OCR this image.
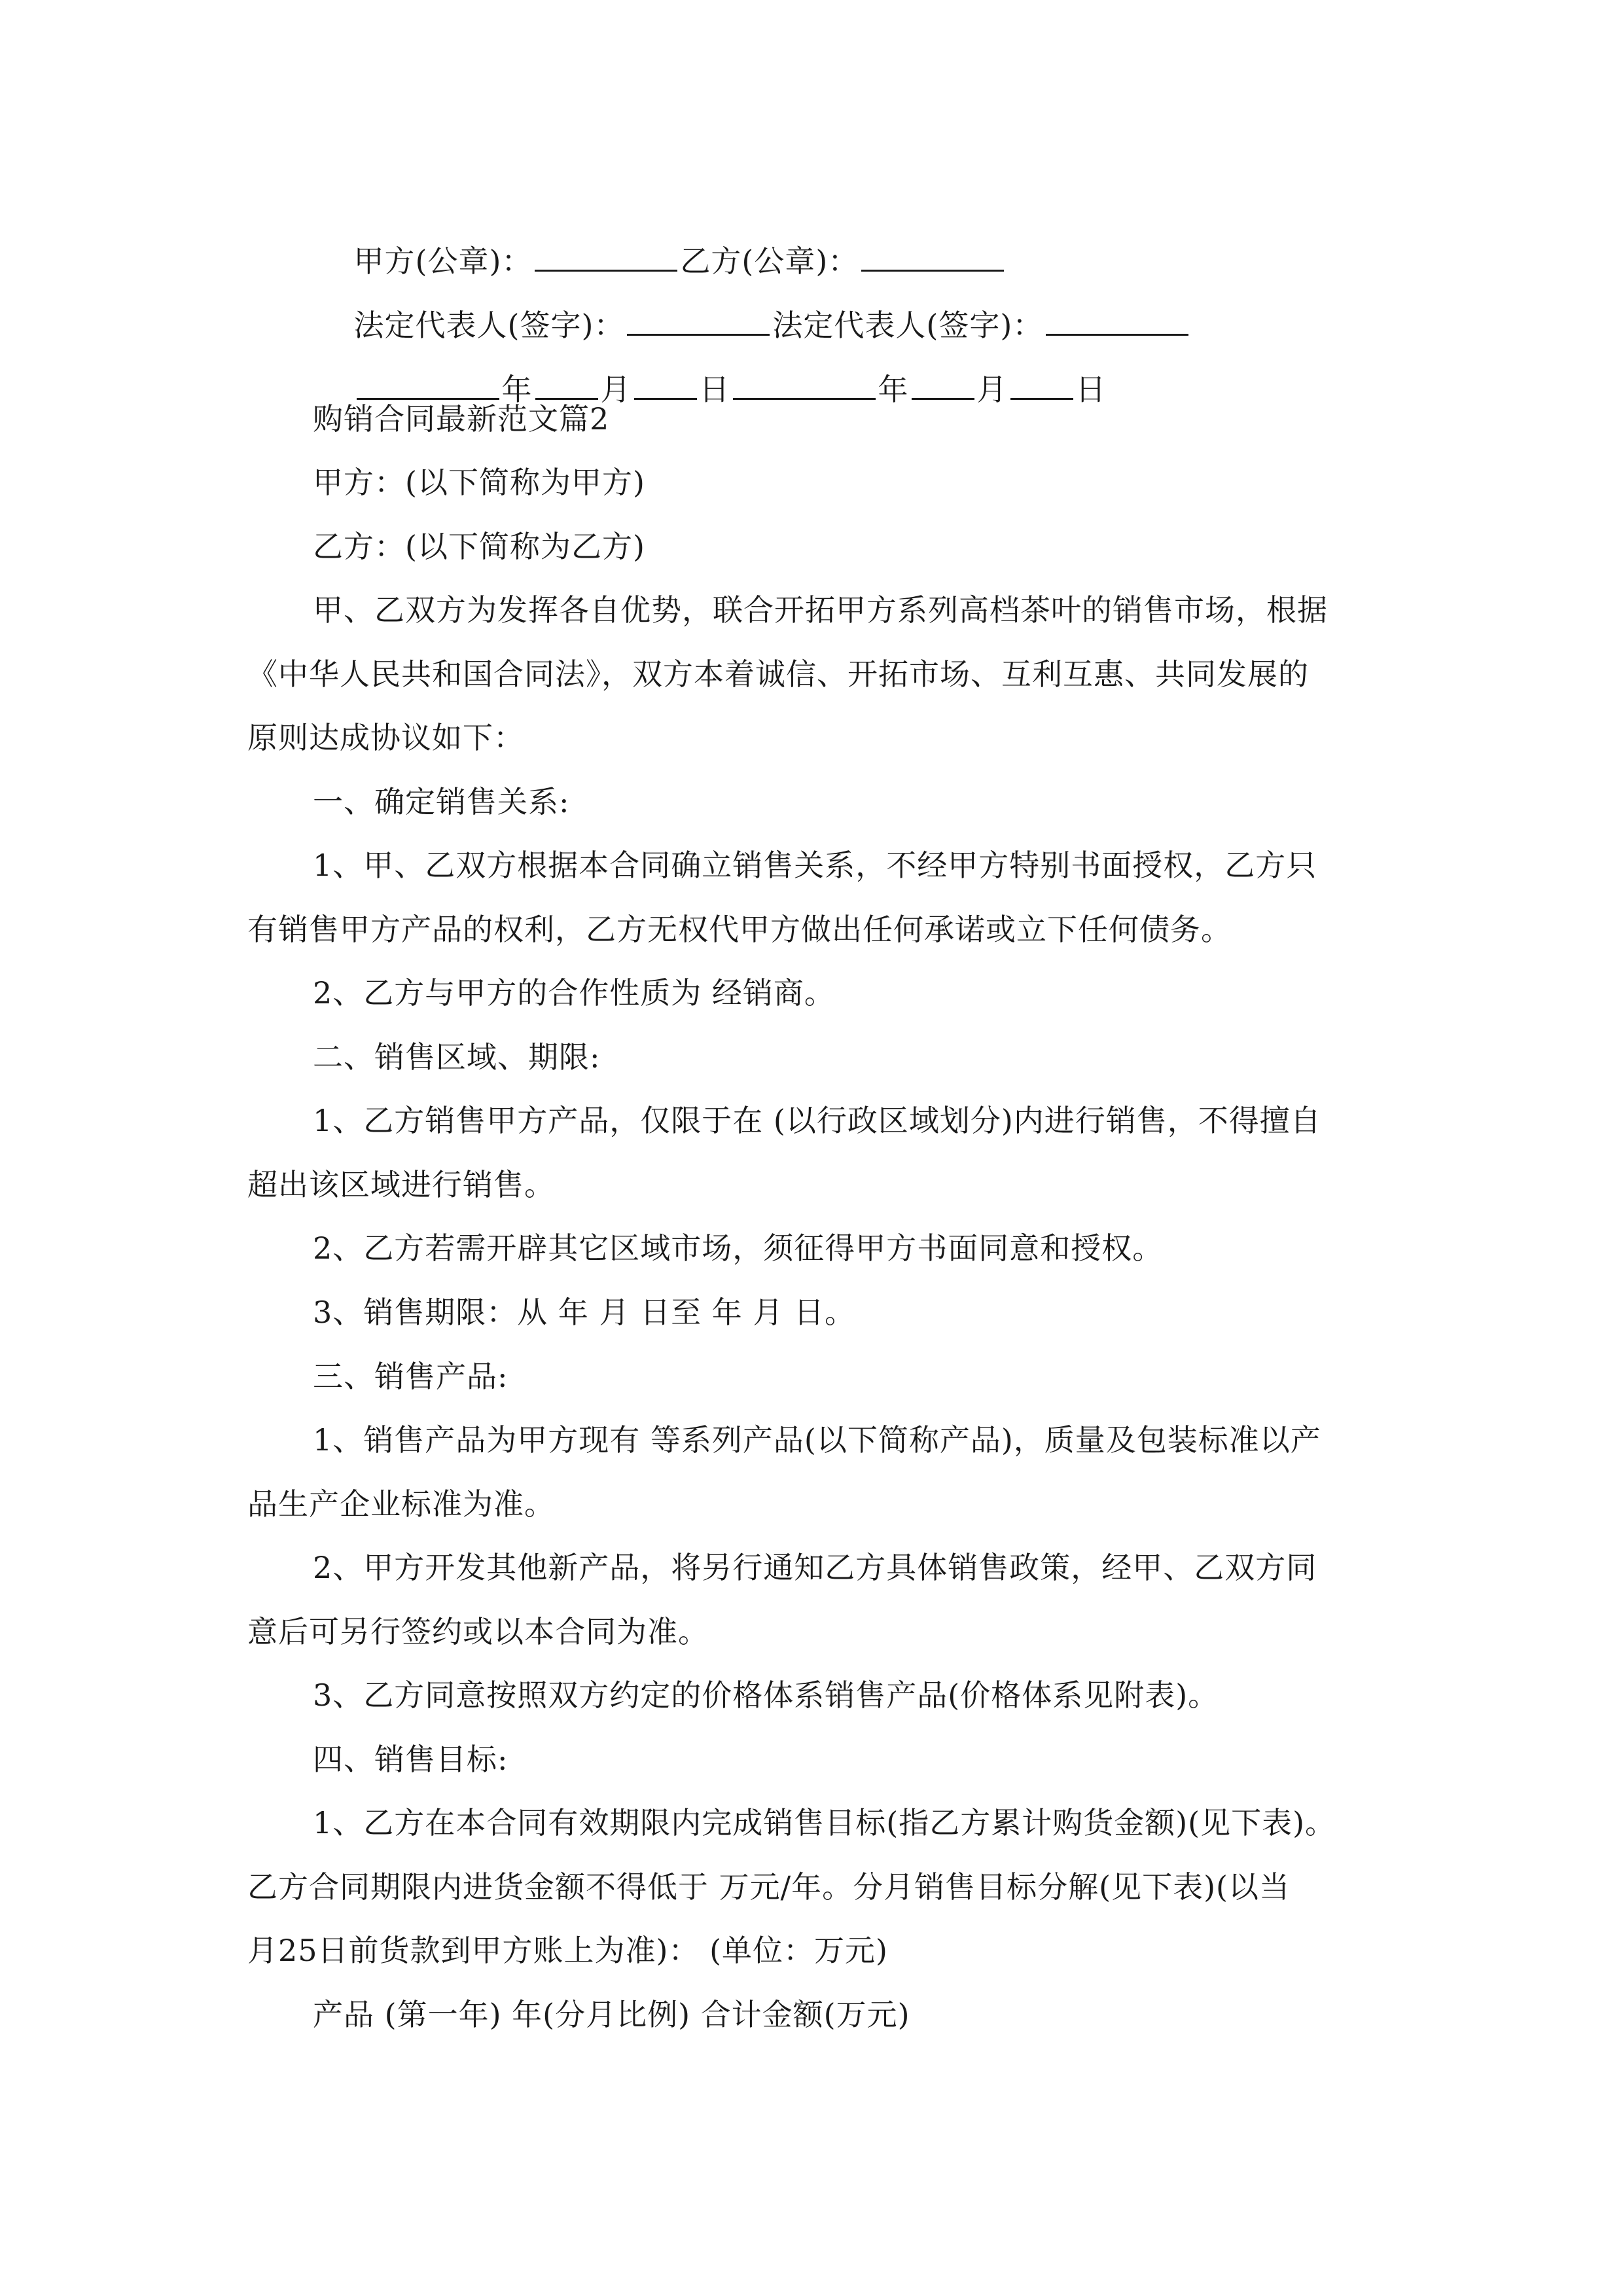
甲方(公章)：	乙方(公章)：

法定代表人(签字)：	法定代表人(签字)：

年 月 日	年 月 日

购销合同最新范文篇2
甲方：(以下简称为甲方)
乙方：(以下简称为乙方)
甲、乙双方为发挥各自优势，联合开拓甲方系列高档茶叶的销售市场，根据
《中华人民共和国合同法》，双方本着诚信、开拓市场、互利互惠、共同发展的
原则达成协议如下：
一、确定销售关系:
1、甲、乙双方根据本合同确立销售关系，不经甲方特别书面授权，乙方只
有销售甲方产品的权利，乙方无权代甲方做出任何承诺或立下任何债务。
2、乙方与甲方的合作性质为 经销商。
二、销售区域、期限:
1、乙方销售甲方产品，仅限于在 (以行政区域划分)内进行销售，不得擅自
超出该区域进行销售。
2、乙方若需开辟其它区域市场，须征得甲方书面同意和授权。
3、销售期限：从 年 月 日至 年 月 日。
三、销售产品:
1、销售产品为甲方现有 等系列产品(以下简称产品)，质量及包装标准以产
品生产企业标准为准。
2、甲方开发其他新产品，将另行通知乙方具体销售政策，经甲、乙双方同
意后可另行签约或以本合同为准。
3、乙方同意按照双方约定的价格体系销售产品(价格体系见附表)。
四、销售目标:
1、乙方在本合同有效期限内完成销售目标(指乙方累计购货金额)(见下表)。
乙方合同期限内进货金额不得低于 万元/年。分月销售目标分解(见下表)(以当
月25日前货款到甲方账上为准)： (单位：万元)
产品 (第一年) 年(分月比例) 合计金额(万元)
